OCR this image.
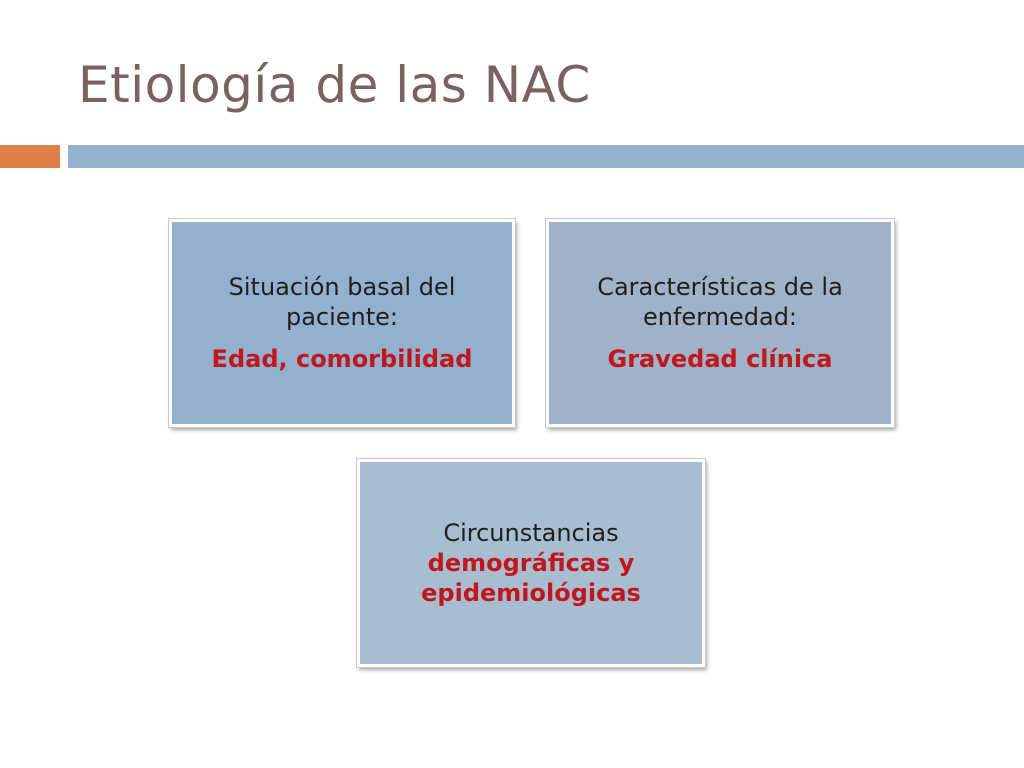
Etiología de las NAC
Situación basal del paciente:
Edad, comorbilidad
Características de la enfermedad:
Gravedad clínica
Circunstancias
demográficas y epidemiológicas
